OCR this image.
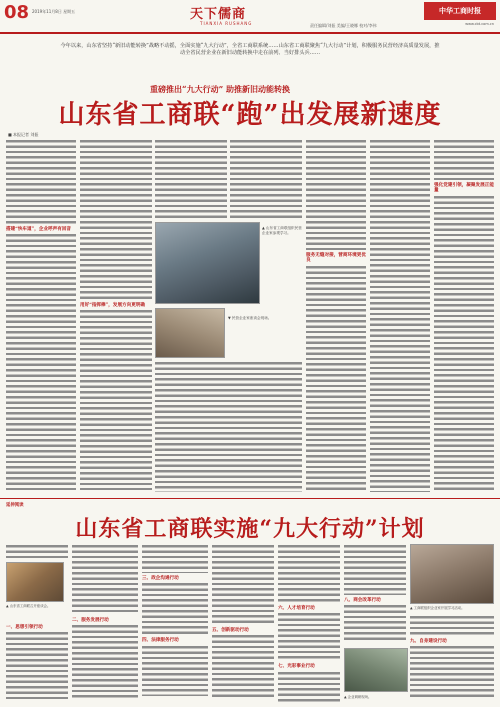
08 2019年11月8日 星期五	天下儒商
TIANXIA RUSHANG	责任编辑/刘振 美编/王晓娜 校对/李伟
中华工商时报
www.cbt.com.cn
今年以来，山东省坚持“新旧动能转换”战略不动摇，全面实施“九大行动”，全省工商联系统……山东省工商联聚焦“九大行动”计划，积极服务民营经济高质量发展，推动全省民营企业在新旧动能转换中走在前列、当好排头兵……
重磅推出“九大行动” 助推新旧动能转换
山东省工商联“跑”出发展新速度
■ 本报记者 刘振
搭建“快车道”，企业呼声有回音
用好“指挥棒”，发展方向更明确
服务无缝对接，营商环境更优良
强化党建引领，凝聚发展正能量
▲ 山东省工商联组织民营企业家参观学习。
▼ 民营企业家座谈会现场。
延伸阅读
山东省工商联实施“九大行动”计划
一、思想引领行动
二、服务发展行动
三、政企沟通行动
四、法律服务行动
五、创新驱动行动
六、人才培育行动
七、光彩事业行动
八、商会改革行动
九、自身建设行动
▲ 山东省工商联召开座谈会。
▲ 企业调研现场。
▲ 工商联组织企业家开展学习活动。
